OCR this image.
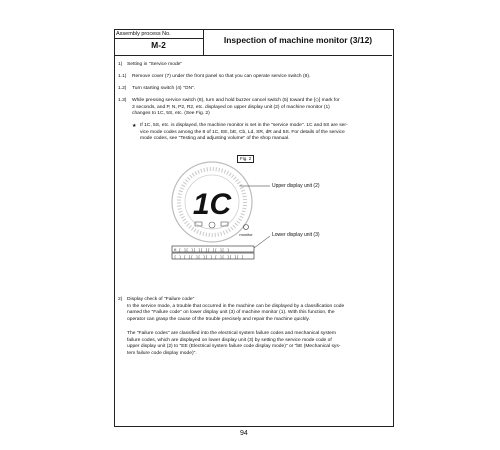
Assembly process No.
M-2	Inspection of machine monitor (3/12)
1) Setting in "Service mode"
1.1) Remove cover (7) under the front panel so that you can operate service switch (8).
1.2) Turn starting switch (4) "ON".
1.3) While pressing service switch (8), turn and hold buzzer cancel switch (5) toward the [◇] mark for
3 seconds, and P, N, P2, R2, etc. displayed on upper display unit (2) of machine monitor (1)
changes to 1C, 5S, etc. (See Fig. 2)
★ If 1C, 5S, etc. is displayed, the machine monitor is set in the "service mode". 1C and 5S are ser-
vice mode codes among the 8 of 1C, EE, bE, Cb, Ld, SR, dR and 5S. For details of the service
mode codes, see "Testing and adjusting volume" of the shop manual.
Fig. 2
1C
monitor
H [ ][ ][ ][ ][ ][ ][ ]
[ ] [ ][ ][ ][ ] [ ][ ][ ][ ]
Upper display unit (2)
Lower display unit (3)
2) Display check of "Failure code"
In the service mode, a trouble that occurred in the machine can be displayed by a classification code
named the "Failure code" on lower display unit (3) of machine monitor (1). With this function, the
operator can grasp the cause of the trouble precisely and repair the machine quickly.
The "Failure codes" are classified into the electrical system failure codes and mechanical system
failure codes, which are displayed on lower display unit (3) by setting the service mode code of
upper display unit (2) to "EE (Electrical system failure code display mode)" or "bE (Mechanical sys-
tem failure code display mode)".
94
